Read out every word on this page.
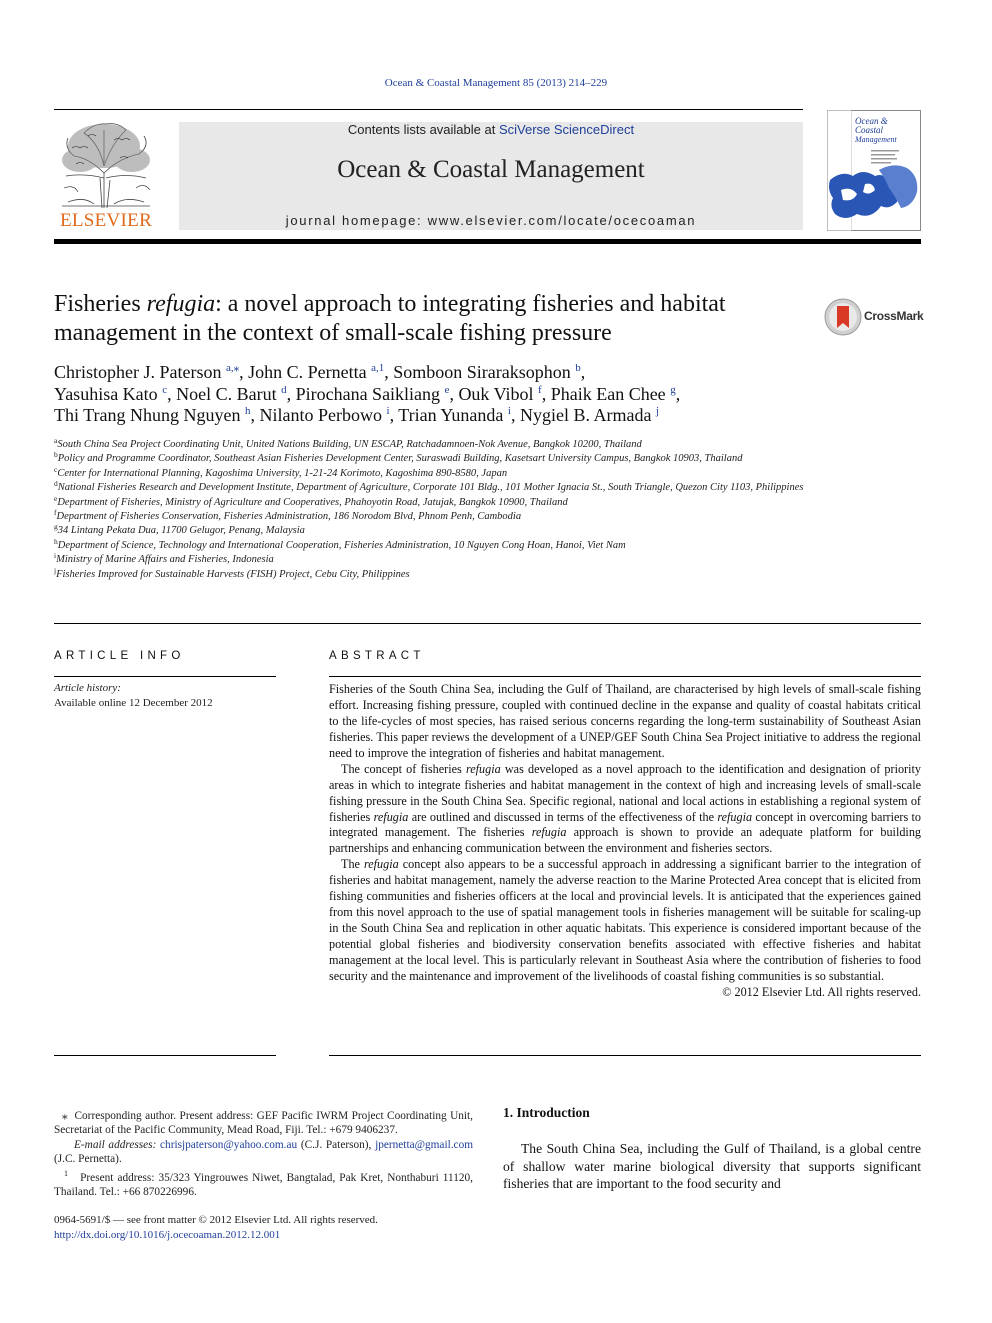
Ocean & Coastal Management 85 (2013) 214–229
ELSEVIER
Contents lists available at SciVerse ScienceDirect
Ocean & Coastal Management
journal homepage: www.elsevier.com/locate/ocecoaman
Ocean &
Coastal
Management
Fisheries refugia: a novel approach to integrating fisheries and habitat management in the context of small-scale fishing pressure
CrossMark
Christopher J. Paterson $^{a,⁎}$, John C. Pernetta $^{a,1}$, Somboon Siraraksophon $^b$,
Yasuhisa Kato $^c$, Noel C. Barut $^d$, Pirochana Saikliang $^e$, Ouk Vibol $^f$, Phaik Ean Chee $^g$,
Thi Trang Nhung Nguyen $^h$, Nilanto Perbowo $^i$, Trian Yunanda $^i$, Nygiel B. Armada $^j$
$^a$South China Sea Project Coordinating Unit, United Nations Building, UN ESCAP, Ratchadamnoen-Nok Avenue, Bangkok 10200, Thailand
$^b$Policy and Programme Coordinator, Southeast Asian Fisheries Development Center, Suraswadi Building, Kasetsart University Campus, Bangkok 10903, Thailand
$^c$Center for International Planning, Kagoshima University, 1-21-24 Korimoto, Kagoshima 890-8580, Japan
$^d$National Fisheries Research and Development Institute, Department of Agriculture, Corporate 101 Bldg., 101 Mother Ignacia St., South Triangle, Quezon City 1103, Philippines
$^e$Department of Fisheries, Ministry of Agriculture and Cooperatives, Phahoyotin Road, Jatujak, Bangkok 10900, Thailand
$^f$Department of Fisheries Conservation, Fisheries Administration, 186 Norodom Blvd, Phnom Penh, Cambodia
$^g$34 Lintang Pekata Dua, 11700 Gelugor, Penang, Malaysia
$^h$Department of Science, Technology and International Cooperation, Fisheries Administration, 10 Nguyen Cong Hoan, Hanoi, Viet Nam
$^i$Ministry of Marine Affairs and Fisheries, Indonesia
$^j$Fisheries Improved for Sustainable Harvests (FISH) Project, Cebu City, Philippines
ARTICLE INFO
Article history:
Available online 12 December 2012
ABSTRACT

Fisheries of the South China Sea, including the Gulf of Thailand, are characterised by high levels of small-scale fishing effort. Increasing fishing pressure, coupled with continued decline in the expanse and quality of coastal habitats critical to the life-cycles of most species, has raised serious concerns regarding the long-term sustainability of Southeast Asian fisheries. This paper reviews the development of a UNEP/GEF South China Sea Project initiative to address the regional need to improve the integration of fisheries and habitat management.

The concept of fisheries refugia was developed as a novel approach to the identification and designation of priority areas in which to integrate fisheries and habitat management in the context of high and increasing levels of small-scale fishing pressure in the South China Sea. Specific regional, national and local actions in establishing a regional system of fisheries refugia are outlined and discussed in terms of the effectiveness of the refugia concept in overcoming barriers to integrated management. The fisheries refugia approach is shown to provide an adequate platform for building partnerships and enhancing communication between the environment and fisheries sectors.

The refugia concept also appears to be a successful approach in addressing a significant barrier to the integration of fisheries and habitat management, namely the adverse reaction to the Marine Protected Area concept that is elicited from fishing communities and fisheries officers at the local and provincial levels. It is anticipated that the experiences gained from this novel approach to the use of spatial management tools in fisheries management will be suitable for scaling-up in the South China Sea and replication in other aquatic habitats. This experience is considered important because of the potential global fisheries and biodiversity conservation benefits associated with effective fisheries and habitat management at the local level. This is particularly relevant in Southeast Asia where the contribution of fisheries to food security and the maintenance and improvement of the livelihoods of coastal fishing communities is so substantial.

© 2012 Elsevier Ltd. All rights reserved.

⁎ Corresponding author. Present address: GEF Pacific IWRM Project Coordinating Unit, Secretariat of the Pacific Community, Mead Road, Fiji. Tel.: +679 9406237.

E-mail addresses: chrisjpaterson@yahoo.com.au (C.J. Paterson), jpernetta@gmail.com (J.C. Pernetta).

$^1$ Present address: 35/323 Yingrouwes Niwet, Bangtalad, Pak Kret, Nonthaburi 11120, Thailand. Tel.: +66 870226996.

0964-5691/$ — see front matter © 2012 Elsevier Ltd. All rights reserved.
http://dx.doi.org/10.1016/j.ocecoaman.2012.12.001
1. Introduction
The South China Sea, including the Gulf of Thailand, is a global centre of shallow water marine biological diversity that supports significant fisheries that are important to the food security and
